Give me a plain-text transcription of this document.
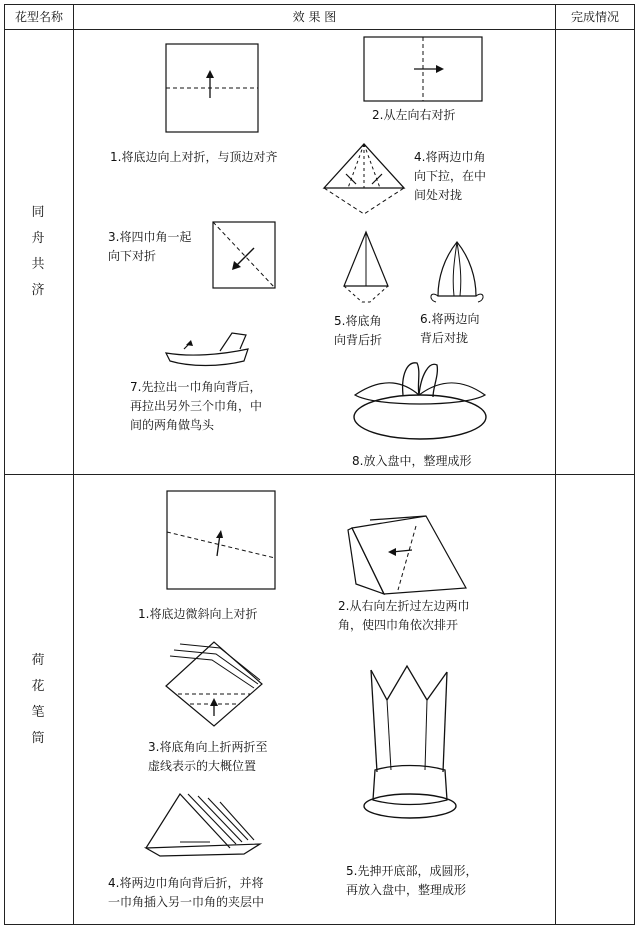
花型名称	效 果 图	完成情况
同
舟
共
济
荷
花
笔
筒
1.将底边向上对折，与顶边对齐
2.从左向右对折
3.将四巾角一起
向下对折
4.将两边巾角
向下拉，在中
间处对拢
5.将底角
向背后折
6.将两边向
背后对拢
7.先拉出一巾角向背后，
再拉出另外三个巾角，中
间的两角做鸟头
8.放入盘中，整理成形
1.将底边微斜向上对折
2.从右向左折过左边两巾
角，使四巾角依次排开
3.将底角向上折两折至
虚线表示的大概位置
4.将两边巾角向背后折，并将
一巾角插入另一巾角的夹层中
5.先抻开底部，成圆形，
再放入盘中，整理成形
